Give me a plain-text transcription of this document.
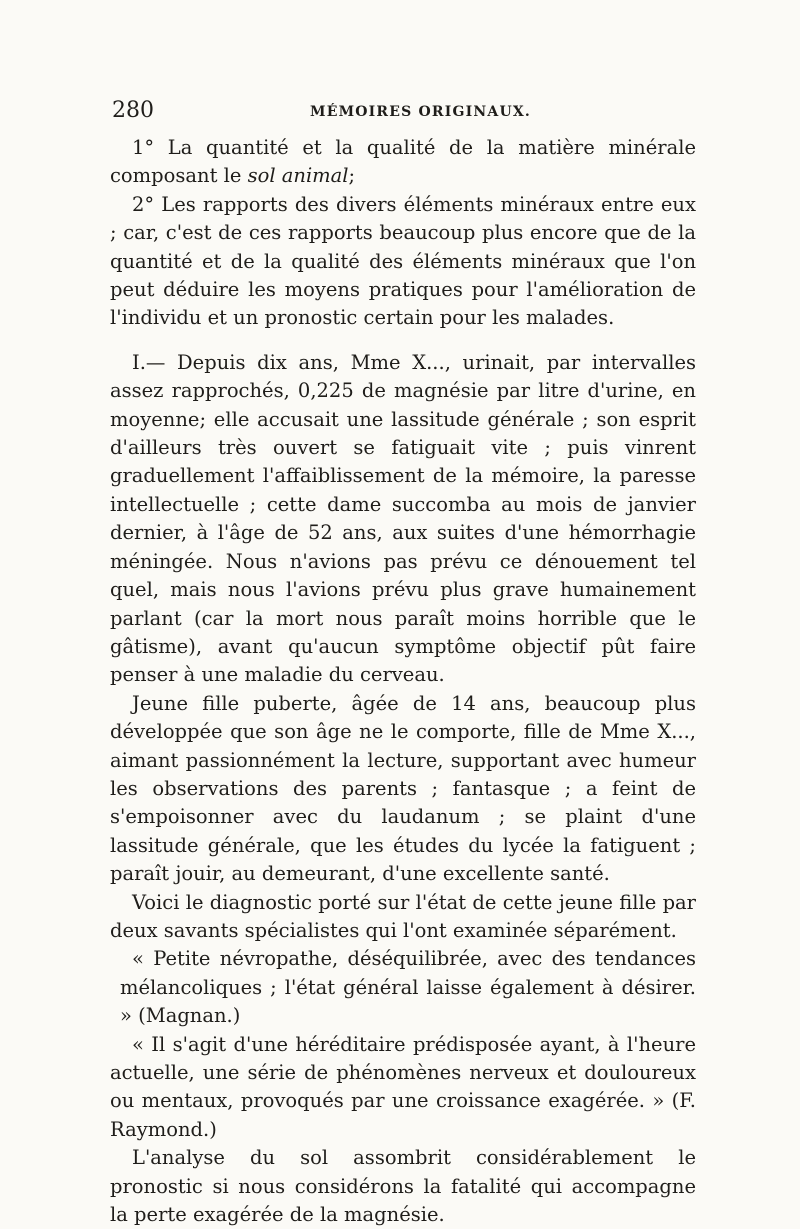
280	MÉMOIRES ORIGINAUX.

1° La quantité et la qualité de la matière minérale composant le sol animal;

2° Les rapports des divers éléments minéraux entre eux ; car, c'est de ces rapports beaucoup plus encore que de la quantité et de la qualité des éléments minéraux que l'on peut déduire les moyens pratiques pour l'amélioration de l'individu et un pronostic certain pour les malades.

I.— Depuis dix ans, Mme X..., urinait, par intervalles assez rapprochés, 0,225 de magnésie par litre d'urine, en moyenne; elle accusait une lassitude générale ; son esprit d'ailleurs très ouvert se fatiguait vite ; puis vinrent graduellement l'affaiblissement de la mémoire, la paresse intellectuelle ; cette dame succomba au mois de janvier dernier, à l'âge de 52 ans, aux suites d'une hémorrhagie méningée. Nous n'avions pas prévu ce dénouement tel quel, mais nous l'avions prévu plus grave humainement parlant (car la mort nous paraît moins horrible que le gâtisme), avant qu'aucun symptôme objectif pût faire penser à une maladie du cerveau.

Jeune fille puberte, âgée de 14 ans, beaucoup plus développée que son âge ne le comporte, fille de Mme X..., aimant passionnément la lecture, supportant avec humeur les observations des parents ; fantasque ; a feint de s'empoisonner avec du laudanum ; se plaint d'une lassitude générale, que les études du lycée la fatiguent ; paraît jouir, au demeurant, d'une excellente santé.

Voici le diagnostic porté sur l'état de cette jeune fille par deux savants spécialistes qui l'ont examinée séparément.

« Petite névropathe, déséquilibrée, avec des tendances mélancoliques ; l'état général laisse également à désirer. » (Magnan.)

« Il s'agit d'une héréditaire prédisposée ayant, à l'heure actuelle, une série de phénomènes nerveux et douloureux ou mentaux, provoqués par une croissance exagérée. » (F. Raymond.)

L'analyse du sol assombrit considérablement le pronostic si nous considérons la fatalité qui accompagne la perte exagérée de la magnésie.
